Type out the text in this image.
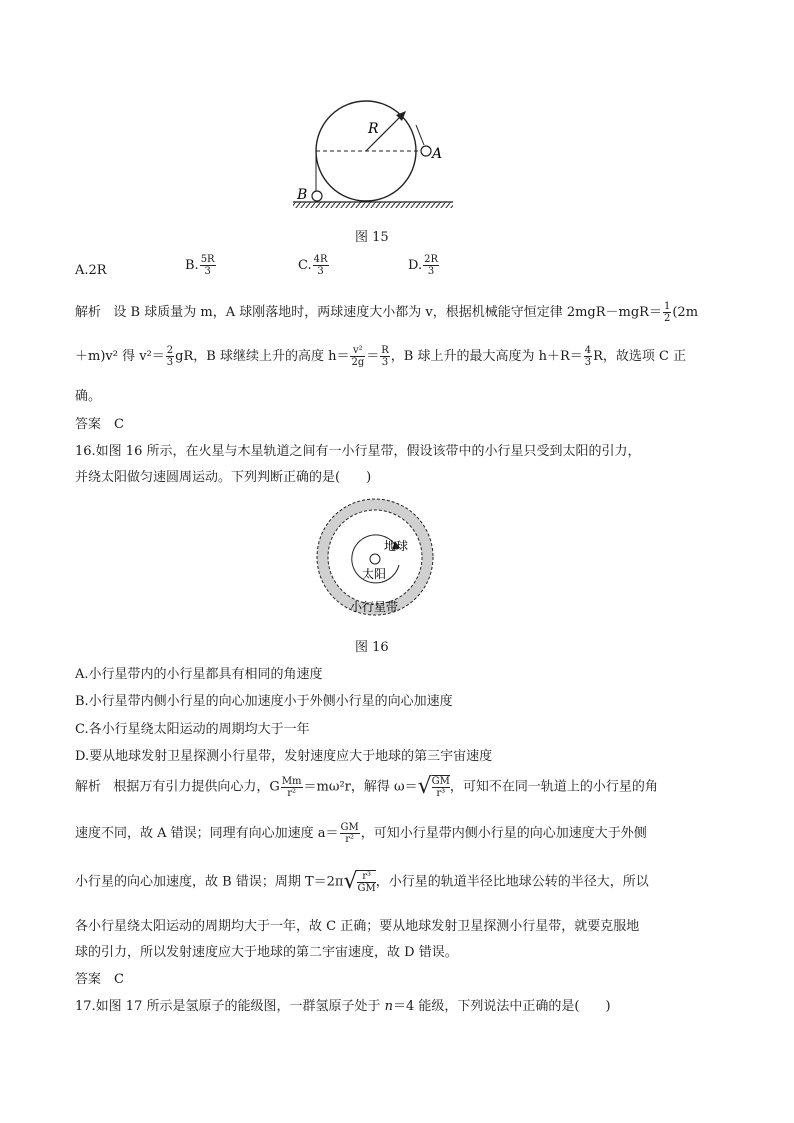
R
A
B
图 15
A.2R	B. $\frac{5R}{3}$	C. $\frac{4R}{3}$	D. $\frac{2R}{3}$
解析 设 B 球质量为 m，A 球刚落地时，两球速度大小都为 v，根据机械能守恒定律 $2mgR-mgR= \frac{1}{2} (2m$
＋m)v² 得 $v^2= \frac{2}{3}$ gR，B 球继续上升的高度 $h= \frac{\text{v²}}{2g} = \frac{R}{3}$ ，B 球上升的最大高度为 $h+R= \frac{4}{3}$ R，故选项 C 正
确。
答案　C
16.如图 16 所示，在火星与木星轨道之间有一小行星带，假设该带中的小行星只受到太阳的引力，
并绕太阳做匀速圆周运动。下列判断正确的是(　　)
地球
太阳
小行星带
图 16
A.小行星带内的小行星都具有相同的角速度
B.小行星带内侧小行星的向心加速度小于外侧小行星的向心加速度
C.各小行星绕太阳运动的周期均大于一年
D.要从地球发射卫星探测小行星带，发射速度应大于地球的第三宇宙速度
解析 根据万有引力提供向心力，G $\frac{Mm}{\text{r²}} =m\omega^2r$，解得 $\omega=√ \frac{GM}{\text{r³}}$ ，可知不在同一轨道上的小行星的角
速度不同，故 A 错误；同理有向心加速度 $a= \frac{GM}{\text{r²}}$ ，可知小行星带内侧小行星的向心加速度大于外侧
小行星的向心加速度，故 B 错误；周期 $T=2\pi√ \frac{\text{r³}}{GM}$ ，小行星的轨道半径比地球公转的半径大，所以
各小行星绕太阳运动的周期均大于一年，故 C 正确；要从地球发射卫星探测小行星带，就要克服地
球的引力，所以发射速度应大于地球的第二宇宙速度，故 D 错误。
答案　C
17.如图 17 所示是氢原子的能级图，一群氢原子处于 n＝4 能级，下列说法中正确的是(　　)
